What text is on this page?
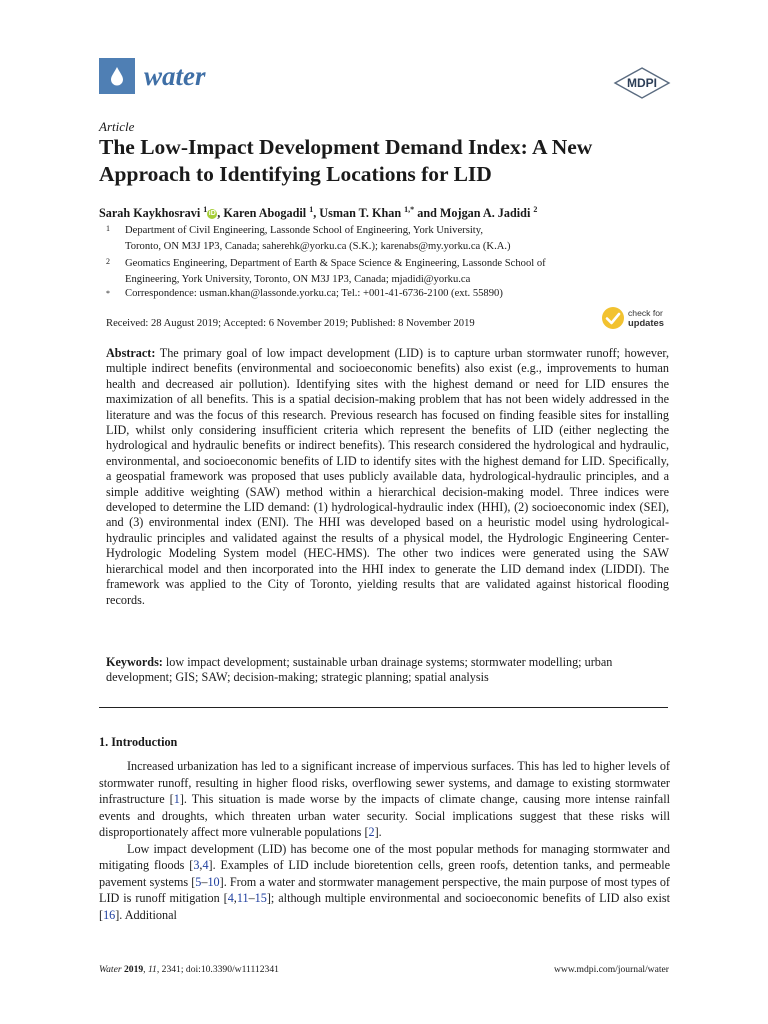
water	MDPI
Article
The Low-Impact Development Demand Index: A New Approach to Identifying Locations for LID
Sarah Kaykhosravi $^1$ iD , Karen Abogadil $^1$, Usman T. Khan $^{1,*}$ and Mojgan A. Jadidi $^2$
1 Department of Civil Engineering, Lassonde School of Engineering, York University,
Toronto, ON M3J 1P3, Canada; saherehk@yorku.ca (S.K.); karenabs@my.yorku.ca (K.A.)
2 Geomatics Engineering, Department of Earth & Space Science & Engineering, Lassonde School of
Engineering, York University, Toronto, ON M3J 1P3, Canada; mjadidi@yorku.ca
* Correspondence: usman.khan@lassonde.yorku.ca; Tel.: +001-41-6736-2100 (ext. 55890)
Received: 28 August 2019; Accepted: 6 November 2019; Published: 8 November 2019
check for
updates

Abstract: The primary goal of low impact development (LID) is to capture urban stormwater runoff; however, multiple indirect benefits (environmental and socioeconomic benefits) also exist (e.g., improvements to human health and decreased air pollution). Identifying sites with the highest demand or need for LID ensures the maximization of all benefits. This is a spatial decision-making problem that has not been widely addressed in the literature and was the focus of this research. Previous research has focused on finding feasible sites for installing LID, whilst only considering insufficient criteria which represent the benefits of LID (either neglecting the hydrological and hydraulic benefits or indirect benefits). This research considered the hydrological and hydraulic, environmental, and socioeconomic benefits of LID to identify sites with the highest demand for LID. Specifically, a geospatial framework was proposed that uses publicly available data, hydrological-hydraulic principles, and a simple additive weighting (SAW) method within a hierarchical decision-making model. Three indices were developed to determine the LID demand: (1) hydrological-hydraulic index (HHI), (2) socioeconomic index (SEI), and (3) environmental index (ENI). The HHI was developed based on a heuristic model using hydrological-hydraulic principles and validated against the results of a physical model, the Hydrologic Engineering Center-Hydrologic Modeling System model (HEC-HMS). The other two indices were generated using the SAW hierarchical model and then incorporated into the HHI index to generate the LID demand index (LIDDI). The framework was applied to the City of Toronto, yielding results that are validated against historical flooding records.

Keywords: low impact development; sustainable urban drainage systems; stormwater modelling; urban development; GIS; SAW; decision-making; strategic planning; spatial analysis

1. Introduction

Increased urbanization has led to a significant increase of impervious surfaces. This has led to higher levels of stormwater runoff, resulting in higher flood risks, overflowing sewer systems, and damage to existing stormwater infrastructure [1]. This situation is made worse by the impacts of climate change, causing more intense rainfall events and droughts, which threaten urban water security. Social implications suggest that these risks will disproportionately affect more vulnerable populations [2].

Low impact development (LID) has become one of the most popular methods for managing stormwater and mitigating floods [3,4]. Examples of LID include bioretention cells, green roofs, detention tanks, and permeable pavement systems [5–10]. From a water and stormwater management perspective, the main purpose of most types of LID is runoff mitigation [4,11–15]; although multiple environmental and socioeconomic benefits of LID also exist [16]. Additional

Water 2019, 11, 2341; doi:10.3390/w11112341	www.mdpi.com/journal/water
